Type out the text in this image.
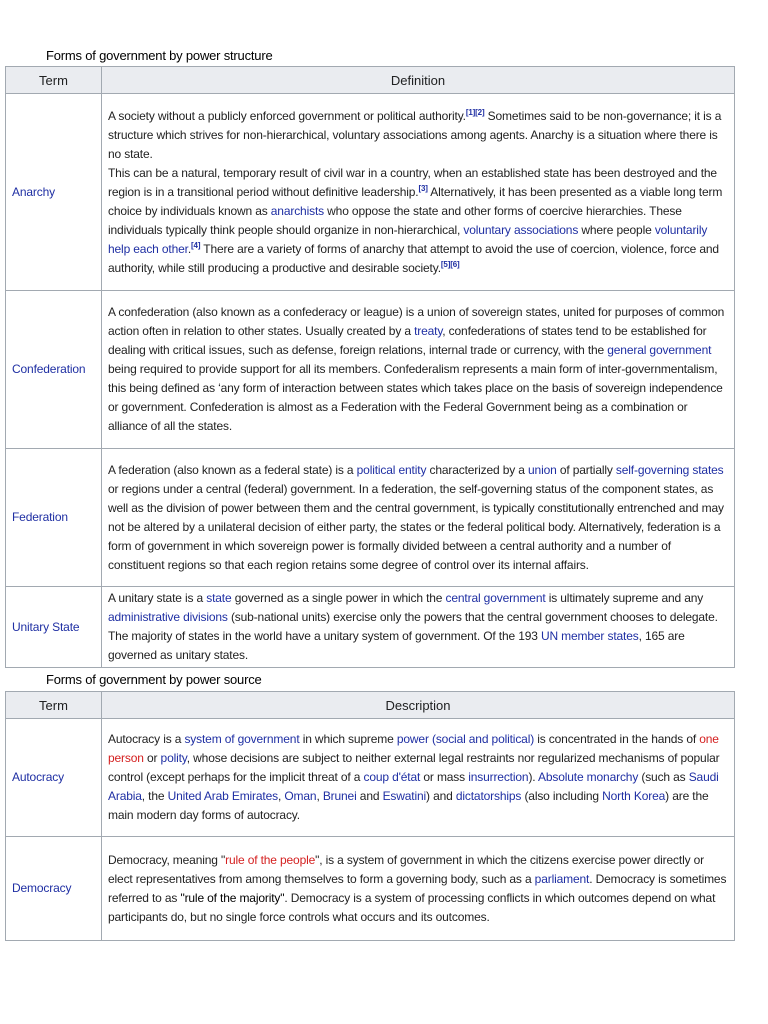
Forms of government by power structure
Term	Definition
Anarchy	A society without a publicly enforced government or political authority.[1][2] Sometimes said to be non-governance; it is a structure which strives for non-hierarchical, voluntary associations among agents. Anarchy is a situation where there is no state.
This can be a natural, temporary result of civil war in a country, when an established state has been destroyed and the region is in a transitional period without definitive leadership.[3] Alternatively, it has been presented as a viable long term choice by individuals known as anarchists who oppose the state and other forms of coercive hierarchies. These individuals typically think people should organize in non-hierarchical, voluntary associations where people voluntarily help each other.[4] There are a variety of forms of anarchy that attempt to avoid the use of coercion, violence, force and authority, while still producing a productive and desirable society.[5][6]
Confederation	A confederation (also known as a confederacy or league) is a union of sovereign states, united for purposes of common action often in relation to other states. Usually created by a treaty, confederations of states tend to be established for dealing with critical issues, such as defense, foreign relations, internal trade or currency, with the general government being required to provide support for all its members. Confederalism represents a main form of inter-governmentalism, this being defined as ‘any form of interaction between states which takes place on the basis of sovereign independence or government. Confederation is almost as a Federation with the Federal Government being as a combination or alliance of all the states.
Federation	A federation (also known as a federal state) is a political entity characterized by a union of partially self-governing states or regions under a central (federal) government. In a federation, the self-governing status of the component states, as well as the division of power between them and the central government, is typically constitutionally entrenched and may not be altered by a unilateral decision of either party, the states or the federal political body. Alternatively, federation is a form of government in which sovereign power is formally divided between a central authority and a number of constituent regions so that each region retains some degree of control over its internal affairs.
Unitary State	A unitary state is a state governed as a single power in which the central government is ultimately supreme and any administrative divisions (sub-national units) exercise only the powers that the central government chooses to delegate. The majority of states in the world have a unitary system of government. Of the 193 UN member states, 165 are governed as unitary states.
Forms of government by power source
Term	Description
Autocracy	Autocracy is a system of government in which supreme power (social and political) is concentrated in the hands of one person or polity, whose decisions are subject to neither external legal restraints nor regularized mechanisms of popular control (except perhaps for the implicit threat of a coup d'état or mass insurrection). Absolute monarchy (such as Saudi Arabia, the United Arab Emirates, Oman, Brunei and Eswatini) and dictatorships (also including North Korea) are the main modern day forms of autocracy.
Democracy	Democracy, meaning "rule of the people", is a system of government in which the citizens exercise power directly or elect representatives from among themselves to form a governing body, such as a parliament. Democracy is sometimes referred to as "rule of the majority". Democracy is a system of processing conflicts in which outcomes depend on what participants do, but no single force controls what occurs and its outcomes.
